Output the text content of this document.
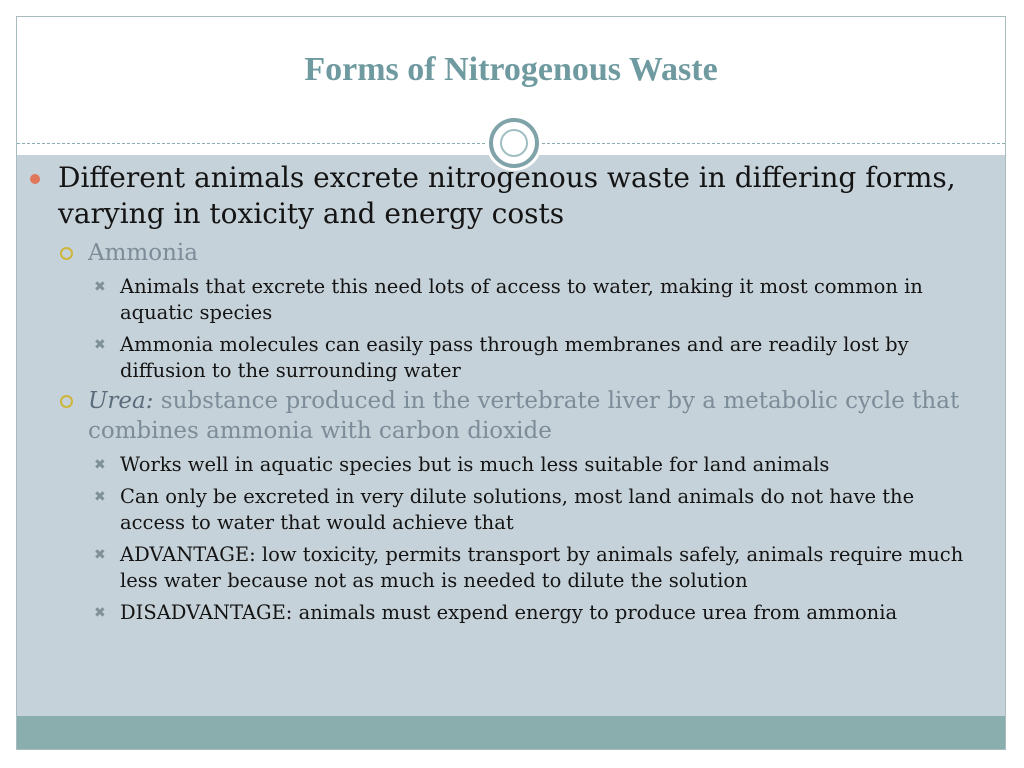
Forms of Nitrogenous Waste
Different animals excrete nitrogenous waste in differing forms, varying in toxicity and energy costs
Ammonia
✖ Animals that excrete this need lots of access to water, making it most common in aquatic species
✖ Ammonia molecules can easily pass through membranes and are readily lost by diffusion to the surrounding water
Urea: substance produced in the vertebrate liver by a metabolic cycle that combines ammonia with carbon dioxide
✖ Works well in aquatic species but is much less suitable for land animals
✖ Can only be excreted in very dilute solutions, most land animals do not have the access to water that would achieve that
✖ ADVANTAGE: low toxicity, permits transport by animals safely, animals require much less water because not as much is needed to dilute the solution
✖ DISADVANTAGE: animals must expend energy to produce urea from ammonia
